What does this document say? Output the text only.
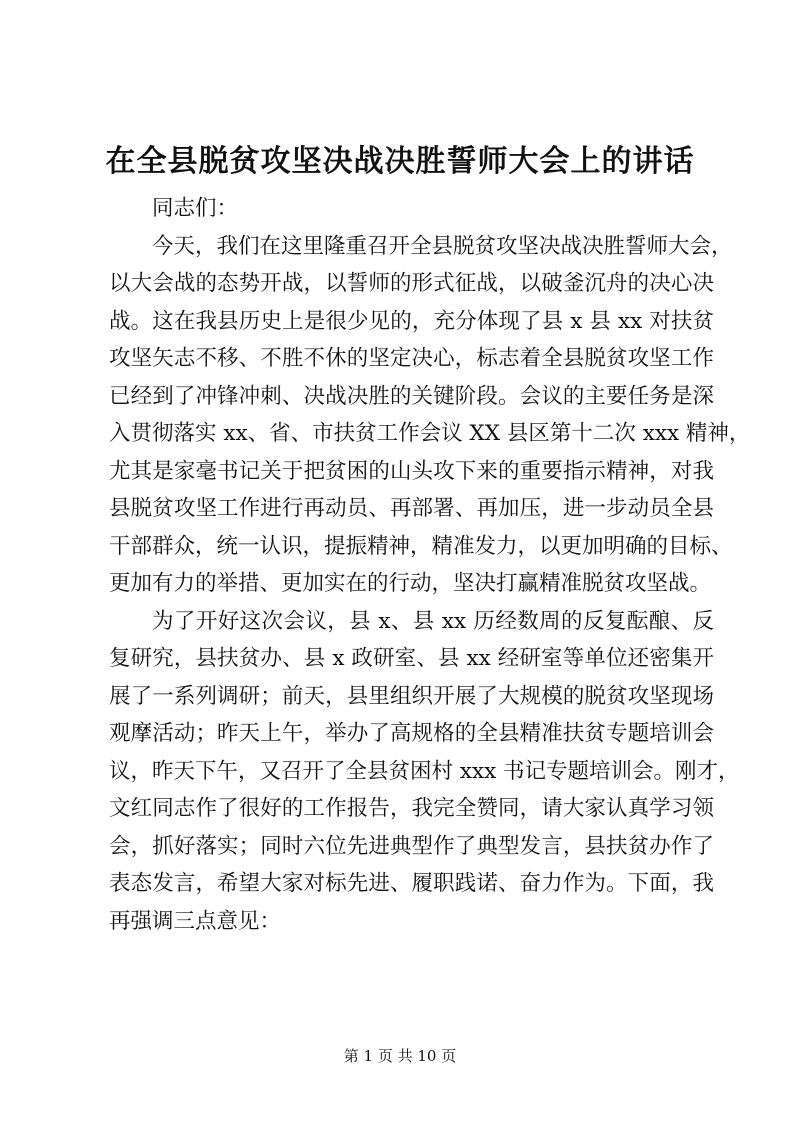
在全县脱贫攻坚决战决胜誓师大会上的讲话
同志们：
今天，我们在这里隆重召开全县脱贫攻坚决战决胜誓师大会，
以大会战的态势开战，以誓师的形式征战，以破釜沉舟的决心决
战。这在我县历史上是很少见的，充分体现了县 x 县 xx 对扶贫
攻坚矢志不移、不胜不休的坚定决心，标志着全县脱贫攻坚工作
已经到了冲锋冲刺、决战决胜的关键阶段。会议的主要任务是深
入贯彻落实 xx、省、市扶贫工作会议 XX 县区第十二次 xxx 精神，
尤其是家毫书记关于把贫困的山头攻下来的重要指示精神，对我
县脱贫攻坚工作进行再动员、再部署、再加压，进一步动员全县
干部群众，统一认识，提振精神，精准发力，以更加明确的目标、
更加有力的举措、更加实在的行动，坚决打赢精准脱贫攻坚战。
为了开好这次会议，县 x、县 xx 历经数周的反复酝酿、反
复研究，县扶贫办、县 x 政研室、县 xx 经研室等单位还密集开
展了一系列调研；前天，县里组织开展了大规模的脱贫攻坚现场
观摩活动；昨天上午，举办了高规格的全县精准扶贫专题培训会
议，昨天下午，又召开了全县贫困村 xxx 书记专题培训会。刚才，
文红同志作了很好的工作报告，我完全赞同，请大家认真学习领
会，抓好落实；同时六位先进典型作了典型发言，县扶贫办作了
表态发言，希望大家对标先进、履职践诺、奋力作为。下面，我
再强调三点意见：
第 1 页 共 10 页
